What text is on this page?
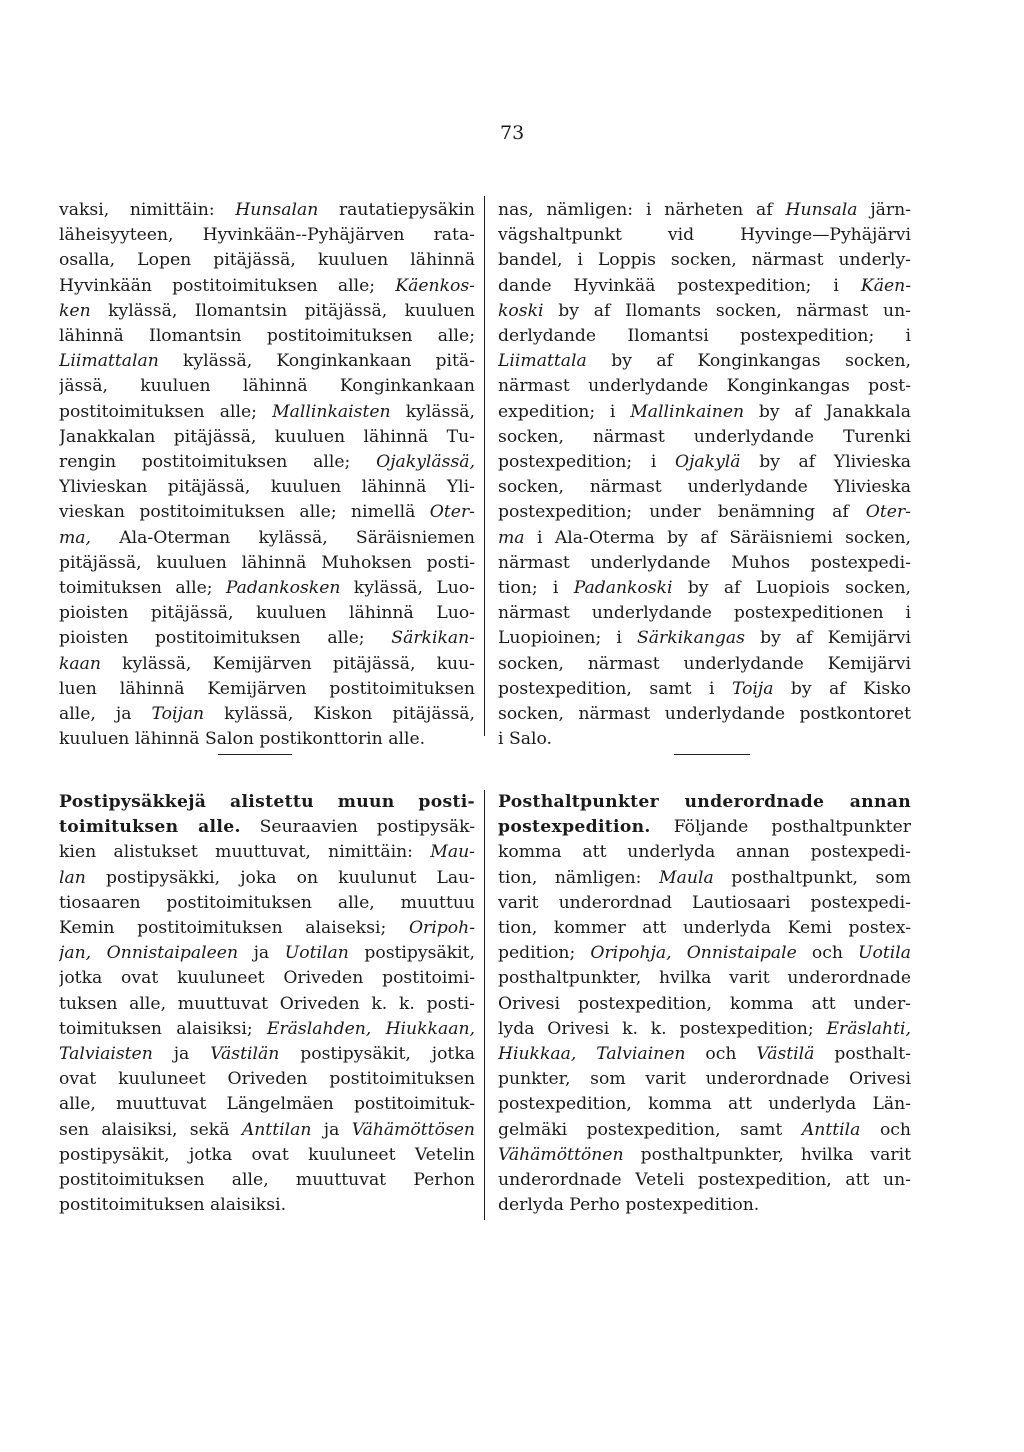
73
vaksi, nimittäin: Hunsalan rautatiepysäkin
läheisyyteen, Hyvinkään--Pyhäjärven rata-
osalla, Lopen pitäjässä, kuuluen lähinnä
Hyvinkään postitoimituksen alle; Käenkos-
ken kylässä, Ilomantsin pitäjässä, kuuluen
lähinnä Ilomantsin postitoimituksen alle;
Liimattalan kylässä, Konginkankaan pitä-
jässä, kuuluen lähinnä Konginkankaan
postitoimituksen alle; Mallinkaisten kylässä,
Janakkalan pitäjässä, kuuluen lähinnä Tu-
rengin postitoimituksen alle; Ojakylässä,
Ylivieskan pitäjässä, kuuluen lähinnä Yli-
vieskan postitoimituksen alle; nimellä Oter-
ma, Ala-Oterman kylässä, Säräisniemen
pitäjässä, kuuluen lähinnä Muhoksen posti-
toimituksen alle; Padankosken kylässä, Luo-
pioisten pitäjässä, kuuluen lähinnä Luo-
pioisten postitoimituksen alle; Särkikan-
kaan kylässä, Kemijärven pitäjässä, kuu-
luen lähinnä Kemijärven postitoimituksen
alle, ja Toijan kylässä, Kiskon pitäjässä,
kuuluen lähinnä Salon postikonttorin alle.
nas, nämligen: i närheten af Hunsala järn-
vägshaltpunkt vid Hyvinge—Pyhäjärvi
bandel, i Loppis socken, närmast underly-
dande Hyvinkää postexpedition; i Käen-
koski by af Ilomants socken, närmast un-
derlydande Ilomantsi postexpedition; i
Liimattala by af Konginkangas socken,
närmast underlydande Konginkangas post-
expedition; i Mallinkainen by af Janakkala
socken, närmast underlydande Turenki
postexpedition; i Ojakylä by af Ylivieska
socken, närmast underlydande Ylivieska
postexpedition; under benämning af Oter-
ma i Ala-Oterma by af Säräisniemi socken,
närmast underlydande Muhos postexpedi-
tion; i Padankoski by af Luopiois socken,
närmast underlydande postexpeditionen i
Luopioinen; i Särkikangas by af Kemijärvi
socken, närmast underlydande Kemijärvi
postexpedition, samt i Toija by af Kisko
socken, närmast underlydande postkontoret
i Salo.
Postipysäkkejä alistettu muun posti-
toimituksen alle. Seuraavien postipysäk-
kien alistukset muuttuvat, nimittäin: Mau-
lan postipysäkki, joka on kuulunut Lau-
tiosaaren postitoimituksen alle, muuttuu
Kemin postitoimituksen alaiseksi; Oripoh-
jan, Onnistaipaleen ja Uotilan postipysäkit,
jotka ovat kuuluneet Oriveden postitoimi-
tuksen alle, muuttuvat Oriveden k. k. posti-
toimituksen alaisiksi; Eräslahden, Hiukkaan,
Talviaisten ja Västilän postipysäkit, jotka
ovat kuuluneet Oriveden postitoimituksen
alle, muuttuvat Längelmäen postitoimituk-
sen alaisiksi, sekä Anttilan ja Vähämöttösen
postipysäkit, jotka ovat kuuluneet Vetelin
postitoimituksen alle, muuttuvat Perhon
postitoimituksen alaisiksi.
Posthaltpunkter underordnade annan
postexpedition. Följande posthaltpunkter
komma att underlyda annan postexpedi-
tion, nämligen: Maula posthaltpunkt, som
varit underordnad Lautiosaari postexpedi-
tion, kommer att underlyda Kemi postex-
pedition; Oripohja, Onnistaipale och Uotila
posthaltpunkter, hvilka varit underordnade
Orivesi postexpedition, komma att under-
lyda Orivesi k. k. postexpedition; Eräslahti,
Hiukkaa, Talviainen och Västilä posthalt-
punkter, som varit underordnade Orivesi
postexpedition, komma att underlyda Län-
gelmäki postexpedition, samt Anttila och
Vähämöttönen posthaltpunkter, hvilka varit
underordnade Veteli postexpedition, att un-
derlyda Perho postexpedition.
